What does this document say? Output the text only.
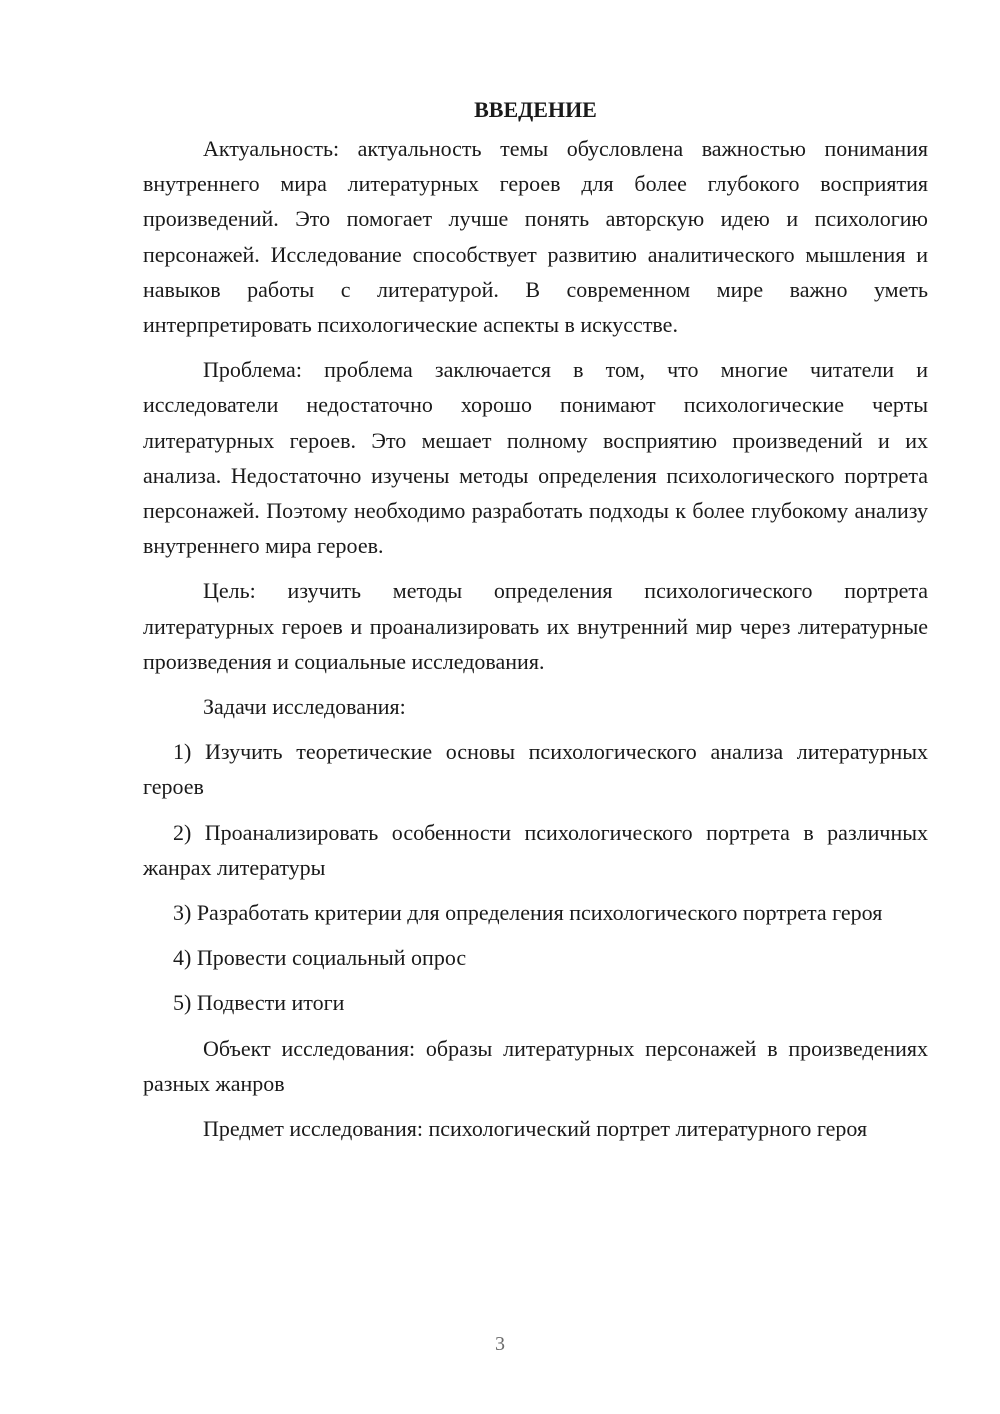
ВВЕДЕНИЕ

Актуальность: актуальность темы обусловлена важностью понимания внутреннего мира литературных героев для более глубокого восприятия произведений. Это помогает лучше понять авторскую идею и психологию персонажей. Исследование способствует развитию аналитического мышления и навыков работы с литературой. В современном мире важно уметь интерпретировать психологические аспекты в искусстве.

Проблема: проблема заключается в том, что многие читатели и исследователи недостаточно хорошо понимают психологические черты литературных героев. Это мешает полному восприятию произведений и их анализа. Недостаточно изучены методы определения психологического портрета персонажей. Поэтому необходимо разработать подходы к более глубокому анализу внутреннего мира героев.

Цель: изучить методы определения психологического портрета литературных героев и проанализировать их внутренний мир через литературные произведения и социальные исследования.

Задачи исследования:

1) Изучить теоретические основы психологического анализа литературных героев

2) Проанализировать особенности психологического портрета в различных жанрах литературы

3) Разработать критерии для определения психологического портрета героя

4) Провести социальный опрос

5) Подвести итоги

Объект исследования: образы литературных персонажей в произведениях разных жанров

Предмет исследования: психологический портрет литературного героя

3
